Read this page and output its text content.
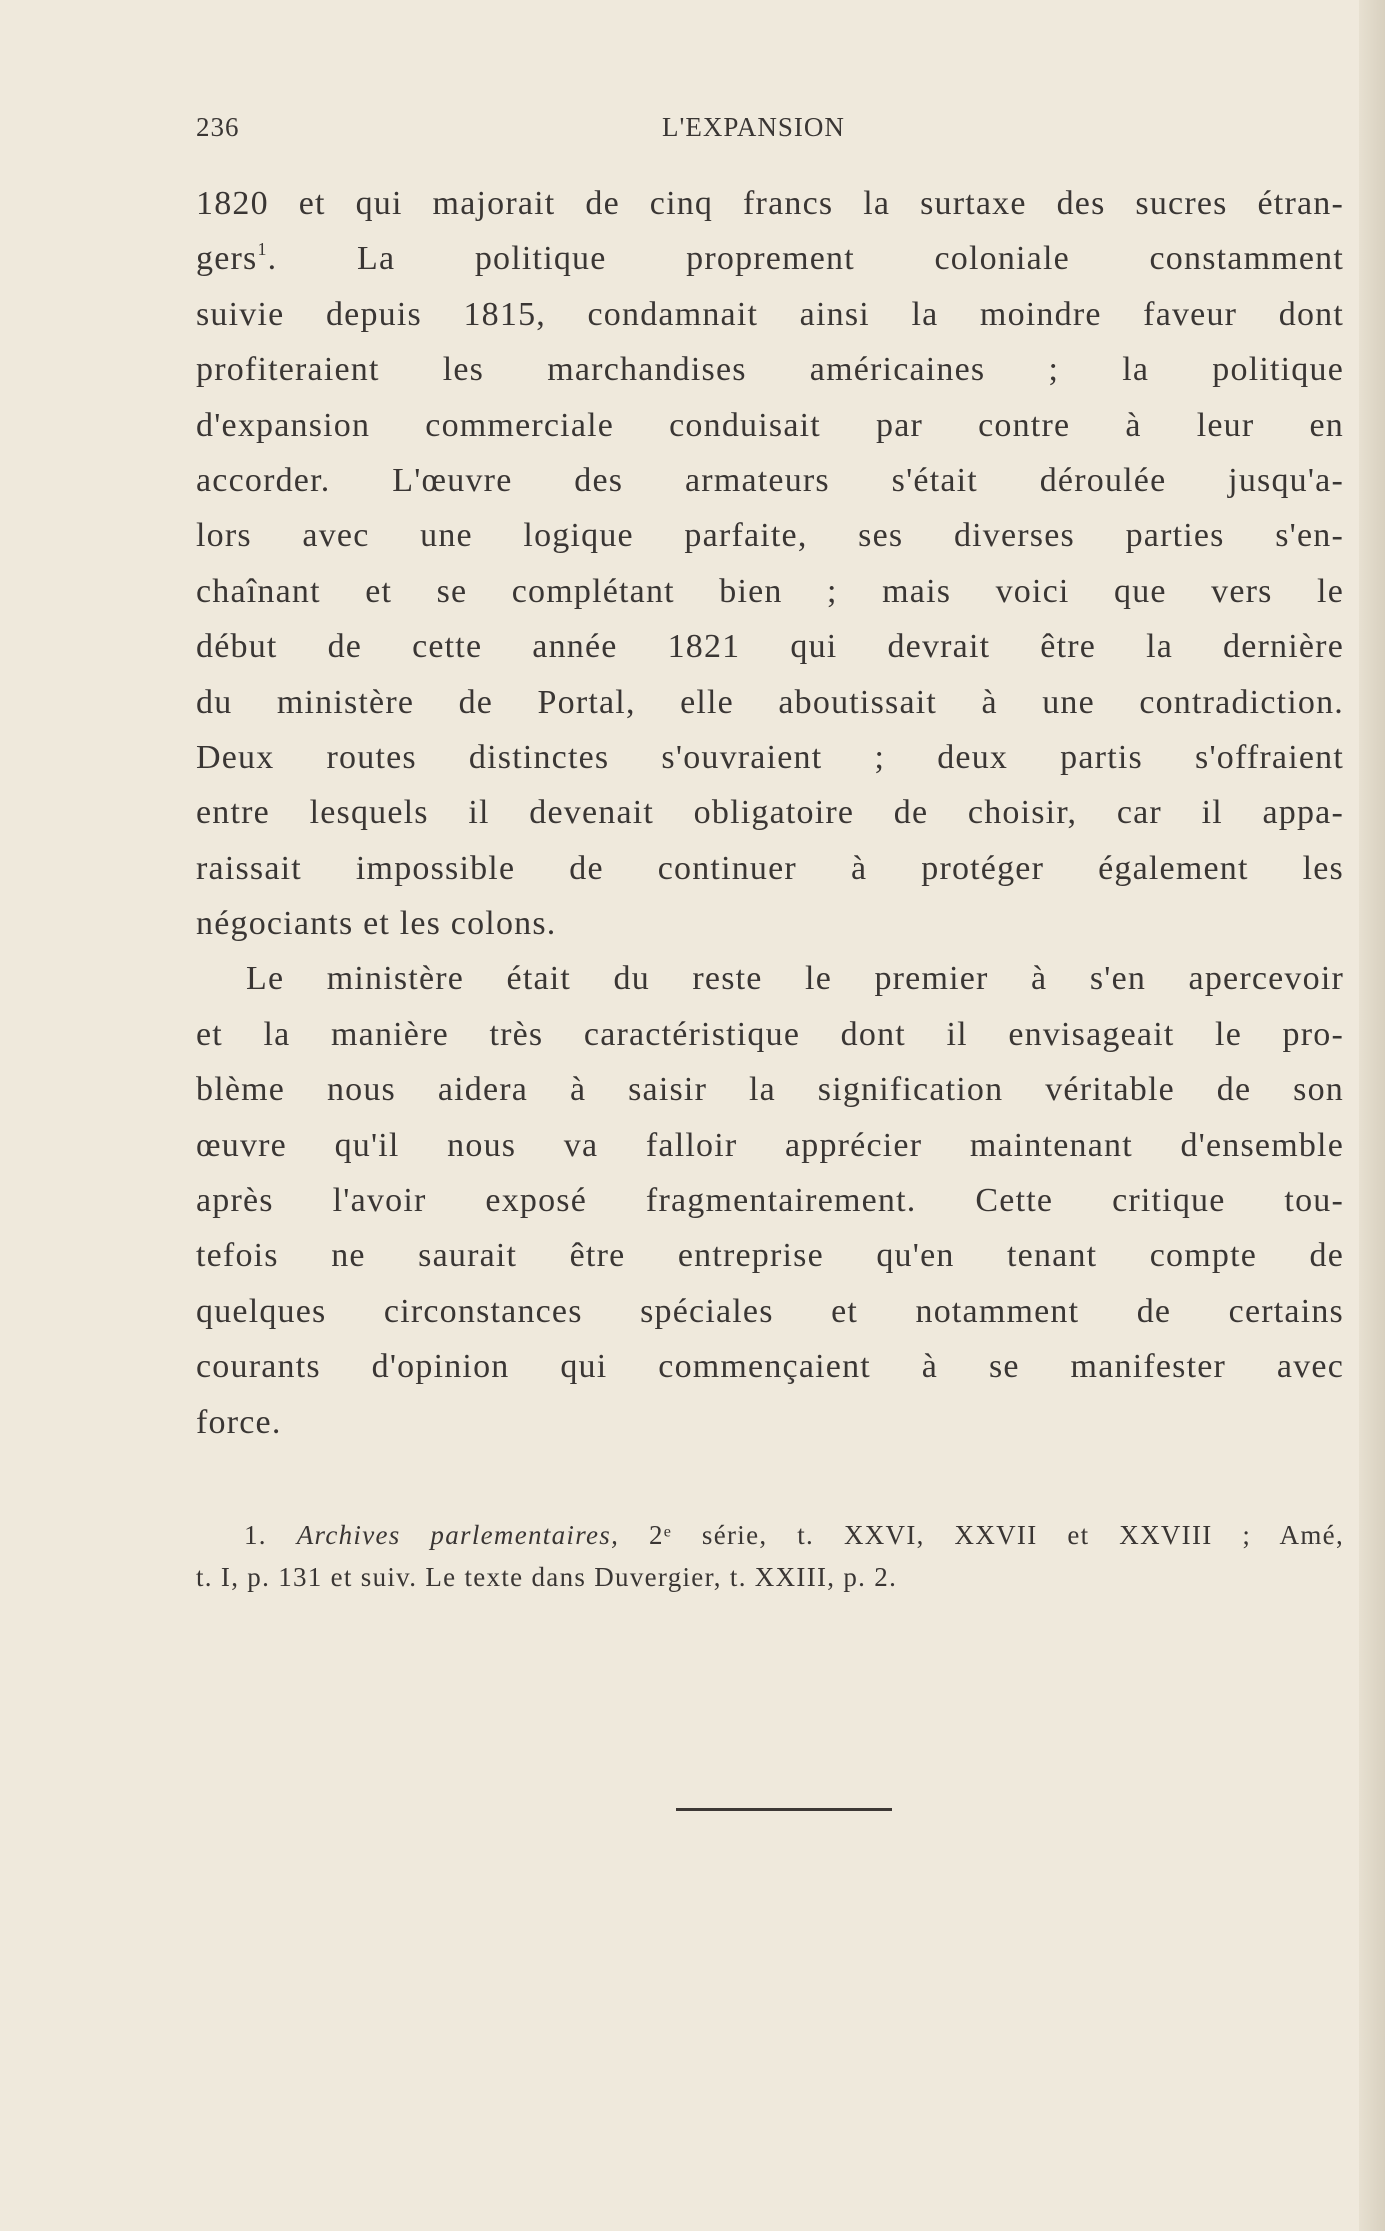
236	L'EXPANSION
1820 et qui majorait de cinq francs la surtaxe des sucres étran-
gers$^1$. La politique proprement coloniale constamment
suivie depuis 1815, condamnait ainsi la moindre faveur dont
profiteraient les marchandises américaines ; la politique
d'expansion commerciale conduisait par contre à leur en
accorder. L'œuvre des armateurs s'était déroulée jusqu'a-
lors avec une logique parfaite, ses diverses parties s'en-
chaînant et se complétant bien ; mais voici que vers le
début de cette année 1821 qui devrait être la dernière
du ministère de Portal, elle aboutissait à une contradiction.
Deux routes distinctes s'ouvraient ; deux partis s'offraient
entre lesquels il devenait obligatoire de choisir, car il appa-
raissait impossible de continuer à protéger également les
négociants et les colons.
Le ministère était du reste le premier à s'en apercevoir
et la manière très caractéristique dont il envisageait le pro-
blème nous aidera à saisir la signification véritable de son
œuvre qu'il nous va falloir apprécier maintenant d'ensemble
après l'avoir exposé fragmentairement. Cette critique tou-
tefois ne saurait être entreprise qu'en tenant compte de
quelques circonstances spéciales et notamment de certains
courants d'opinion qui commençaient à se manifester avec
force.
1. Archives parlementaires, 2ᵉ série, t. XXVI, XXVII et XXVIII ; Amé,
t. I, p. 131 et suiv. Le texte dans Duvergier, t. XXIII, p. 2.
